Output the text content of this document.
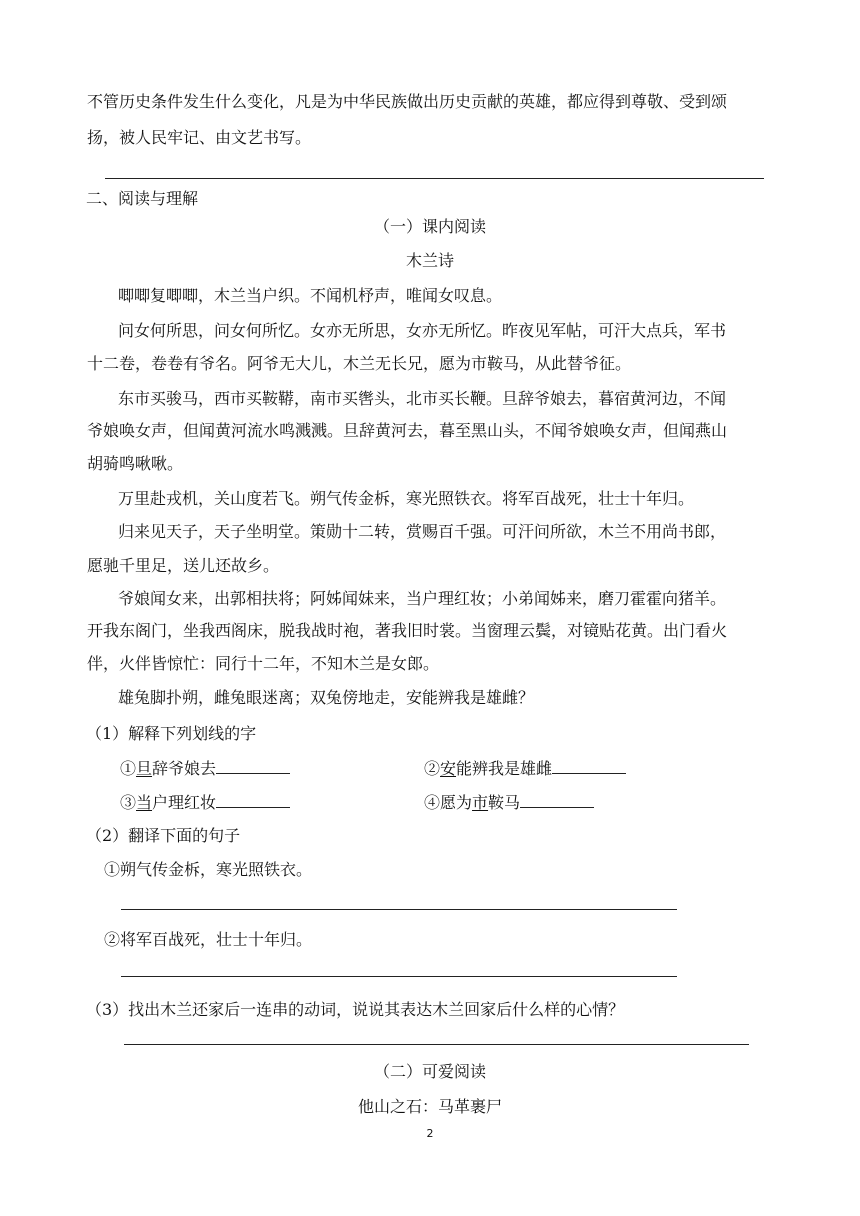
不管历史条件发生什么变化，凡是为中华民族做出历史贡献的英雄，都应得到尊敬、受到颂
扬，被人民牢记、由文艺书写。
二、阅读与理解
（一）课内阅读
木兰诗
唧唧复唧唧，木兰当户织。不闻机杼声，唯闻女叹息。
问女何所思，问女何所忆。女亦无所思，女亦无所忆。昨夜见军帖，可汗大点兵，军书
十二卷，卷卷有爷名。阿爷无大儿，木兰无长兄，愿为市鞍马，从此替爷征。
东市买骏马，西市买鞍鞯，南市买辔头，北市买长鞭。旦辞爷娘去，暮宿黄河边，不闻
爷娘唤女声，但闻黄河流水鸣溅溅。旦辞黄河去，暮至黑山头，不闻爷娘唤女声，但闻燕山
胡骑鸣啾啾。
万里赴戎机，关山度若飞。朔气传金柝，寒光照铁衣。将军百战死，壮士十年归。
归来见天子，天子坐明堂。策勋十二转，赏赐百千强。可汗问所欲，木兰不用尚书郎，
愿驰千里足，送儿还故乡。
爷娘闻女来，出郭相扶将；阿姊闻妹来，当户理红妆；小弟闻姊来，磨刀霍霍向猪羊。
开我东阁门，坐我西阁床，脱我战时袍，著我旧时裳。当窗理云鬓，对镜贴花黄。出门看火
伴，火伴皆惊忙：同行十二年，不知木兰是女郎。
雄兔脚扑朔，雌兔眼迷离；双兔傍地走，安能辨我是雄雌？
（1）解释下列划线的字
①旦辞爷娘去	②安能辨我是雄雌
③当户理红妆	④愿为市鞍马
（2）翻译下面的句子
①朔气传金柝，寒光照铁衣。
②将军百战死，壮士十年归。
（3）找出木兰还家后一连串的动词，说说其表达木兰回家后什么样的心情？
（二）可爱阅读
他山之石：马革裹尸
2
